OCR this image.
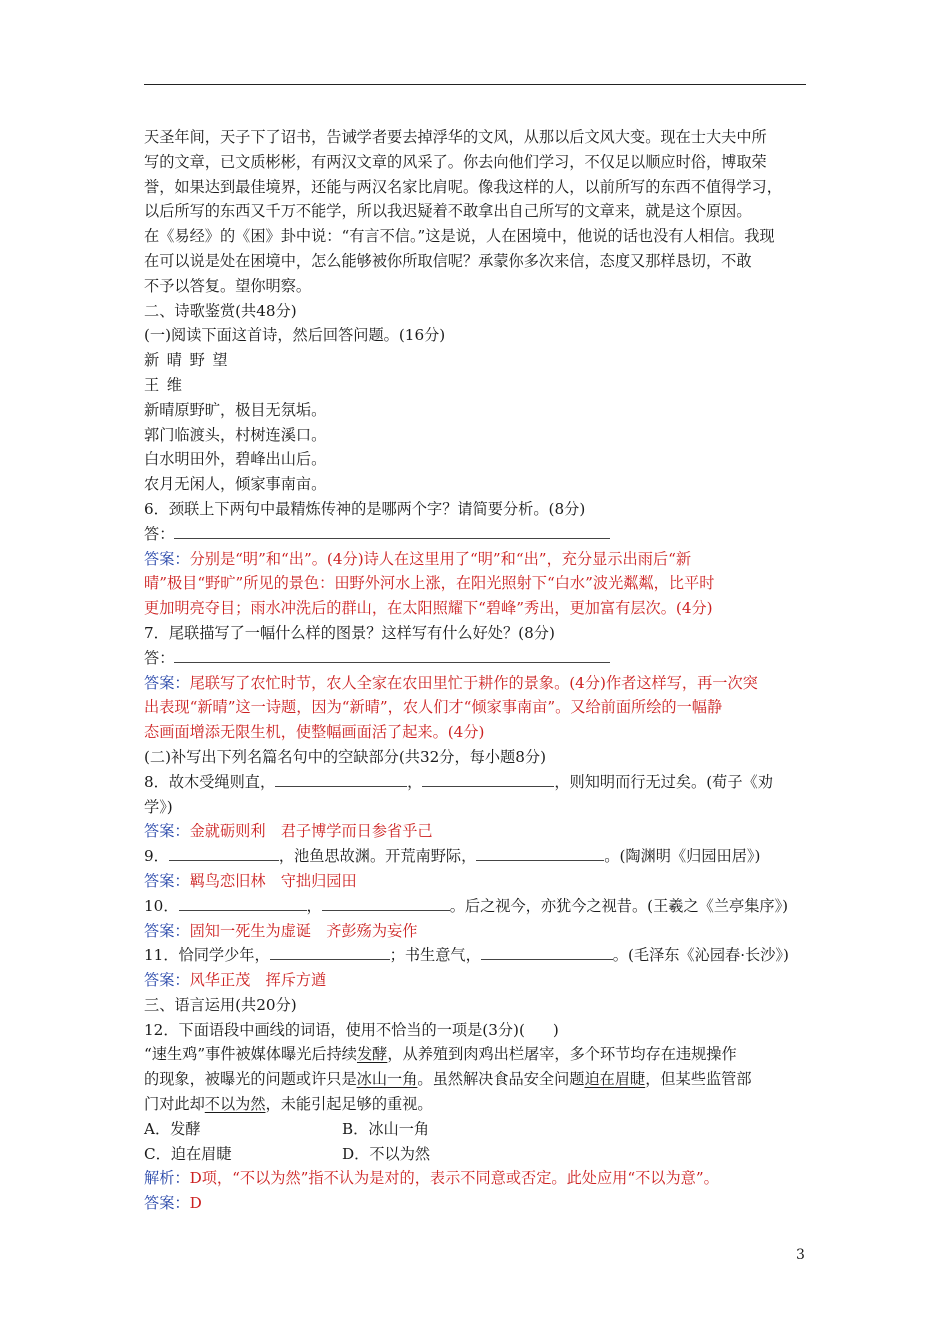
天圣年间，天子下了诏书，告诫学者要去掉浮华的文风，从那以后文风大变。现在士大夫中所
写的文章，已文质彬彬，有两汉文章的风采了。你去向他们学习，不仅足以顺应时俗，博取荣
誉，如果达到最佳境界，还能与两汉名家比肩呢。像我这样的人，以前所写的东西不值得学习，
以后所写的东西又千万不能学，所以我迟疑着不敢拿出自己所写的文章来，就是这个原因。
在《易经》的《困》卦中说：“有言不信。”这是说，人在困境中，他说的话也没有人相信。我现
在可以说是处在困境中，怎么能够被你所取信呢？承蒙你多次来信，态度又那样恳切，不敢
不予以答复。望你明察。
二、诗歌鉴赏(共48分)
(一)阅读下面这首诗，然后回答问题。(16分)
新晴野望
王维
新晴原野旷，极目无氛垢。
郭门临渡头，村树连溪口。
白水明田外，碧峰出山后。
农月无闲人，倾家事南亩。
6．颈联上下两句中最精炼传神的是哪两个字？请简要分析。(8分)
答：
答案：分别是“明”和“出”。(4分)诗人在这里用了“明”和“出”，充分显示出雨后“新
晴”极目“野旷”所见的景色：田野外河水上涨，在阳光照射下“白水”波光粼粼，比平时
更加明亮夺目；雨水冲洗后的群山，在太阳照耀下“碧峰”秀出，更加富有层次。(4分)
7．尾联描写了一幅什么样的图景？这样写有什么好处？(8分)
答：
答案：尾联写了农忙时节，农人全家在农田里忙于耕作的景象。(4分)作者这样写，再一次突
出表现“新晴”这一诗题，因为“新晴”，农人们才“倾家事南亩”。又给前面所绘的一幅静
态画面增添无限生机，使整幅画面活了起来。(4分)
(二)补写出下列名篇名句中的空缺部分(共32分，每小题8分)
8．故木受绳则直，	，	，则知明而行无过矣。(荀子《劝
学》)
答案：金就砺则利　君子博学而日参省乎己
9．	，池鱼思故渊。开荒南野际，	。(陶渊明《归园田居》)
答案：羁鸟恋旧林　守拙归园田
10．	，	。后之视今，亦犹今之视昔。(王羲之《兰亭集序》)
答案：固知一死生为虚诞　齐彭殇为妄作
11．恰同学少年，	；书生意气，	。(毛泽东《沁园春·长沙》)
答案：风华正茂　挥斥方遒
三、语言运用(共20分)
12．下面语段中画线的词语，使用不恰当的一项是(3分)( )
“速生鸡”事件被媒体曝光后持续发酵，从养殖到肉鸡出栏屠宰，多个环节均存在违规操作
的现象，被曝光的问题或许只是冰山一角。虽然解决食品安全问题迫在眉睫，但某些监管部
门对此却不以为然，未能引起足够的重视。
A．发酵	B．冰山一角
C．迫在眉睫	D．不以为然
解析：D项，“不以为然”指不认为是对的，表示不同意或否定。此处应用“不以为意”。
答案：D
3
